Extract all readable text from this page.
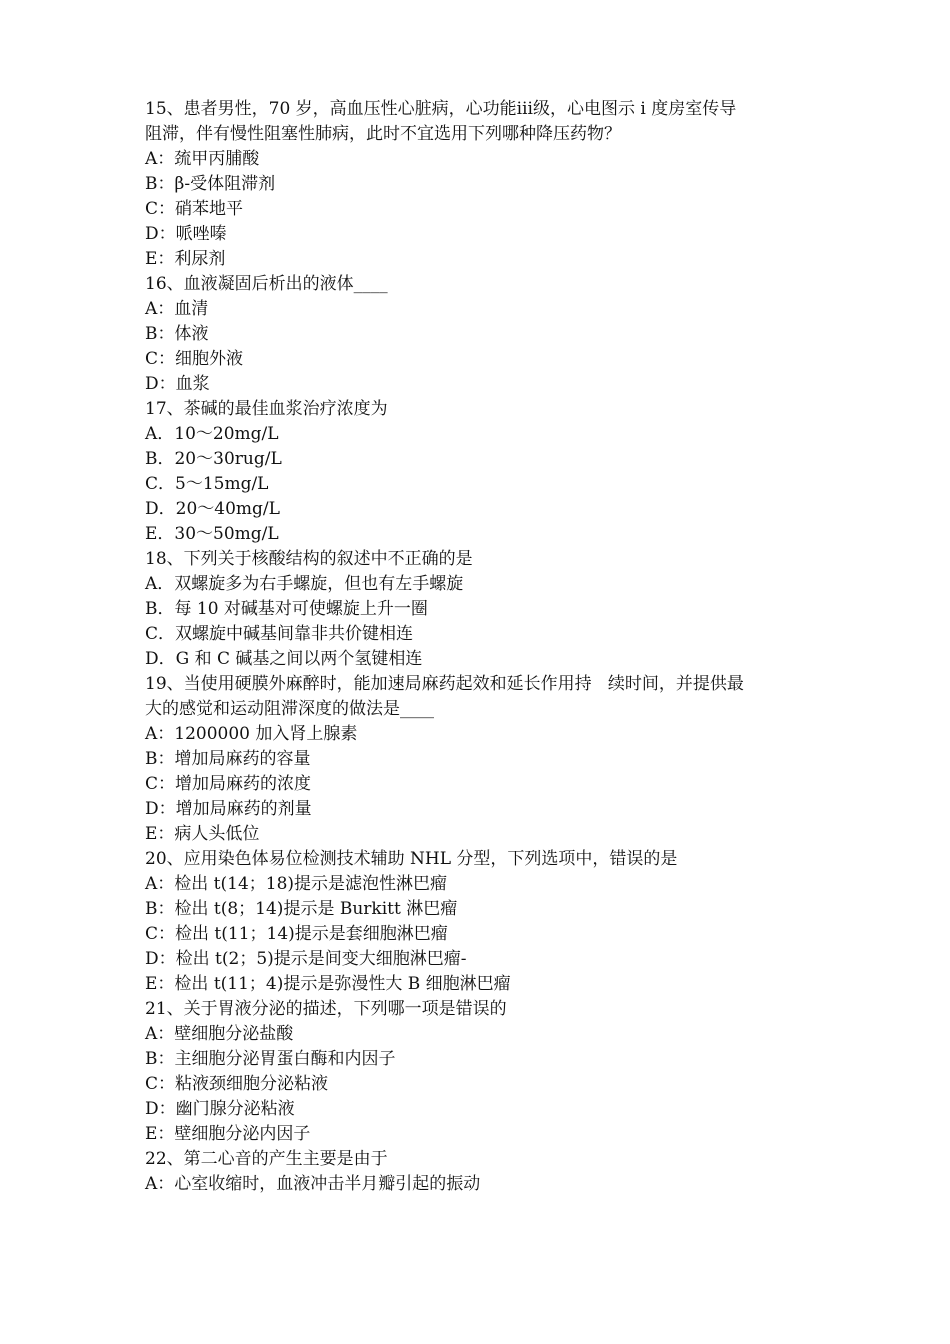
15、患者男性，70 岁，高血压性心脏病，心功能ⅲ级，心电图示 i 度房室传导
阻滞，伴有慢性阻塞性肺病，此时不宜选用下列哪种降压药物？
A：巯甲丙脯酸
B：β-受体阻滞剂
C：硝苯地平
D：哌唑嗪
E：利尿剂
16、血液凝固后析出的液体____
A：血清
B：体液
C：细胞外液
D：血浆
17、茶碱的最佳血浆治疗浓度为
A．10～20mg/L
B．20～30rug/L
C．5～15mg/L
D．20～40mg/L
E．30～50mg/L
18、下列关于核酸结构的叙述中不正确的是
A．双螺旋多为右手螺旋，但也有左手螺旋
B．每 10 对碱基对可使螺旋上升一圈
C．双螺旋中碱基间靠非共价键相连
D．G 和 C 碱基之间以两个氢键相连
19、当使用硬膜外麻醉时，能加速局麻药起效和延长作用持   续时间，并提供最
大的感觉和运动阻滞深度的做法是____
A：1200000 加入肾上腺素
B：增加局麻药的容量
C：增加局麻药的浓度
D：增加局麻药的剂量
E：病人头低位
20、应用染色体易位检测技术辅助 NHL 分型，下列选项中，错误的是
A：检出 t(14；18)提示是滤泡性淋巴瘤
B：检出 t(8；14)提示是 Burkitt 淋巴瘤
C：检出 t(11；14)提示是套细胞淋巴瘤
D：检出 t(2；5)提示是间变大细胞淋巴瘤-
E：检出 t(11；4)提示是弥漫性大 B 细胞淋巴瘤
21、关于胃液分泌的描述，下列哪一项是错误的
A：壁细胞分泌盐酸
B：主细胞分泌胃蛋白酶和内因子
C：粘液颈细胞分泌粘液
D：幽门腺分泌粘液
E：壁细胞分泌内因子
22、第二心音的产生主要是由于
A：心室收缩时，血液冲击半月瓣引起的振动
